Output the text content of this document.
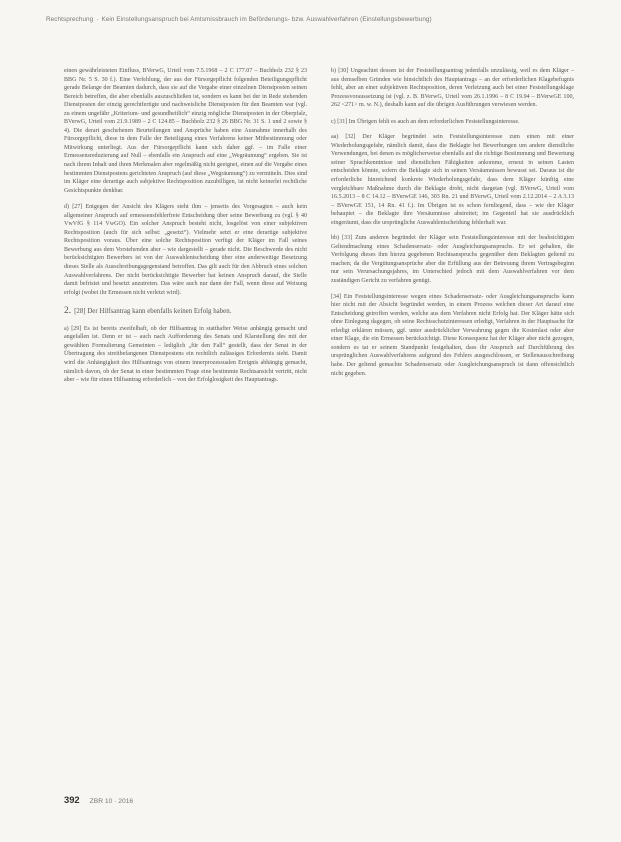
Rechtsprechung · Kein Einstellungsanspruch bei Amtsmissbrauch im Beförderungs- bzw. Auswahlverfahren (Einstellungsbewerbung)

einen gewährleisteten Einfluss, BVerwG, Urteil vom 7.5.1968 – 2 C 177.07 – Buchholz 232 § 23 BBG Nr. 5 S. 30 f.). Eine Verfehlung, der aus der Fürsorgepflicht folgenden Beteiligungspflicht gerade Belange der Beamten dadurch, dass sie auf die Vergabe einer einzelnen Dienstposten seinen Bereich betreffen, die aber ebenfalls auszuschließen ist, sondern es kann bei der in Rede stehenden Dienstposten der einzig gerechtfertigte und nachweisliche Dienstposten für den Beamten war (vgl. zu einem ungefähr „Kriterium- und gesundheitlich“ einzig mögliche Dienstposten in der Oberpfalz, BVerwG, Urteil vom 21.9.1989 – 2 C 124.85 – Buchholz 232 § 26 BBG Nr. 31 S. 1 und 2 sowie § 4). Die derart geschehenen Beurteilungen und Ansprüche haben eine Ausnahme innerhalb des Fürsorgepflicht, diese in dem Falle der Beteiligung eines Verfahrens keiner Mitbestimmung oder Mitwirkung unterliegt. Aus der Fürsorgepflicht kann sich daher ggf. – im Falle einer Ermessensreduzierung auf Null – ebenfalls ein Anspruch auf eine „Wegräumung“ ergeben. Sie ist nach ihrem Inhalt und ihren Merkmalen aber regelmäßig nicht geeignet, einen auf die Vergabe eines bestimmten Dienstpostens gerichteten Anspruch (auf diese „Wegräumung“) zu vermitteln. Dies sind im Kläger eine derartige auch subjektive Rechtsposition zuzubilligen, ist nicht keinerlei rechtliche Gesichtspunkte denkbar.

d) [27] Entgegen der Ansicht des Klägers steht ihm – jenseits des Vorgesagten – auch kein allgemeiner Anspruch auf ermessensfehlerfreie Entscheidung über seine Bewerbung zu (vgl. § 40 VwVfG § 114 VwGO). Ein solcher Anspruch besteht nicht, losgelöst von einer subjektiven Rechtsposition (auch für sich selbst: „gesetzt“). Vielmehr setzt er eine derartige subjektive Rechtsposition voraus. Über eine solche Rechtsposition verfügt der Kläger im Fall seines Bewerbung aus dem Vorstehenden aber – wie dargestellt – gerade nicht. Die Beschwerde des nicht berücksichtigten Bewerbers ist von der Auswahlentscheidung über eine anderweitige Besetzung dieses Stelle als Ausschreibungsgegenstand betroffen. Das gilt auch für den Abbruch eines solchen Auswahlverfahrens. Der nicht berücksichtigte Bewerber hat keinen Anspruch darauf, die Stelle damit befristet und besetzt anzutreten. Das wäre auch nur dann der Fall, wenn diese auf Weisung erfolgt (wobei ihr Ermessen nicht verletzt wird).

2. [28] Der Hilfsantrag kann ebenfalls keinen Erfolg haben.

a) [29] Es ist bereits zweifelhaft, ob der Hilfsantrag in statthafter Weise anhängig gemacht und angefallen ist. Denn er ist – auch nach Aufforderung des Senats und Klarstellung des mit der gewählten Formulierung Gemeinten – lediglich „für den Fall“ gestellt, dass der Senat in der Übertragung des streitbefangenen Dienstpostens ein rechtlich zulässiges Erfordernis sieht. Damit wird die Anhängigkeit des Hilfsantrags von einem innerprozessualen Ereignis abhängig gemacht, nämlich davon, ob der Senat in einer bestimmten Frage eine bestimmte Rechtsansicht vertritt, nicht aber – wie für einen Hilfsantrag erforderlich – von der Erfolglosigkeit des Hauptantrags.

b) [30] Ungeachtet dessen ist der Feststellungsantrag jedenfalls unzulässig, weil es dem Kläger – aus demselben Gründen wie hinsichtlich des Hauptantrags – an der erforderlichen Klagebefugnis fehlt, aber an einer subjektiven Rechtsposition, deren Verletzung auch bei einer Feststellungsklage Prozessvoraussetzung ist (vgl. z. B. BVerwG, Urteil vom 26.1.1996 – 8 C 19.94 – BVerwGE 100, 262 <271> m. w. N.), deshalb kann auf die übrigen Ausführungen verwiesen werden.

c) [31] Im Übrigen fehlt es auch an dem erforderlichen Feststellungsinteresse.

aa) [32] Der Kläger begründet sein Feststellungsinteresse zum einen mit einer Wiederholungsgefahr, nämlich damit, dass die Beklagte bei Bewerbungen um andere dienstliche Verwendungen, bei denen es möglicherweise ebenfalls auf die richtige Bestimmung und Bewertung seiner Sprachkenntnisse und dienstlichen Fähigkeiten ankomme, erneut in seinen Lasten entscheiden könnte, sofern die Beklagte sich in seinen Versäumnissen bewusst sei. Daraus ist die erforderliche hinreichend konkrete Wiederholungsgefahr, dass dem Kläger künftig eine vergleichbare Maßnahme durch die Beklagte droht, nicht dargetan (vgl. BVerwG, Urteil vom 16.5.2013 – 8 C 14.12 – BVerwGE 146, 303 Rn. 21 und BVerwG, Urteil vom 2.12.2014 – 2 A 3.13 – BVerwGE 151, 14 Rn. 41 f.). Im Übrigen ist es schon fernliegend, dass – wie der Kläger behauptet – die Beklagte ihre Versäumnisse abstreitet; im Gegenteil hat sie ausdrücklich eingeräumt, dass die ursprüngliche Auswahlentscheidung fehlerhaft war.

bb) [33] Zum anderen begründet der Kläger sein Feststellungsinteresse mit der beabsichtigten Geltendmachung eines Schadensersatz- oder Ausgleichungsanspruchs. Er sei gehalten, die Verfolgung dieses ihm hierzu gegebenen Rechtsanspruchs gegenüber dem Beklagten geltend zu machen; da die Vergütungsansprüche aber die Erfüllung aus der Betreuung ihrem Vertragsbeginn nur sein Verursachungsjahres, im Unterschied jedoch mit dem Auswahlverfahren vor dem zuständigen Gericht zu verfahren genügt.

[34] Ein Feststellungsinteresse wegen eines Schadensersatz- oder Ausgleichungsanspruchs kann hier nicht mit der Absicht begründet werden, in einem Prozess welchen dieser Art darauf eine Entscheidung getroffen werden, welche aus dem Verfahren nicht Erfolg hat. Der Kläger hätte sich ohne Einlegung dagegen, ob seine Rechtsschutzinteressen erledigt, Verfahren in der Hauptsache für erledigt erklären müssen, ggf. unter ausdrücklicher Verwahrung gegen die Kostenlast oder aber einer Klage, die ein Ermessen berücksichtigt. Diese Konsequenz hat der Kläger aber nicht gezogen, sondern es tat er seinem Standpunkt festgehalten, dass ihr Anspruch auf Durchführung des ursprünglichen Auswahlverfahrens aufgrund des Fehlers ausgeschlossen, er Stellenausschreibung habe. Der geltend gemachte Schadensersatz oder Ausgleichungsanspruch ist dann offensichtlich nicht gegeben.

392 ZBR 10 · 2016
